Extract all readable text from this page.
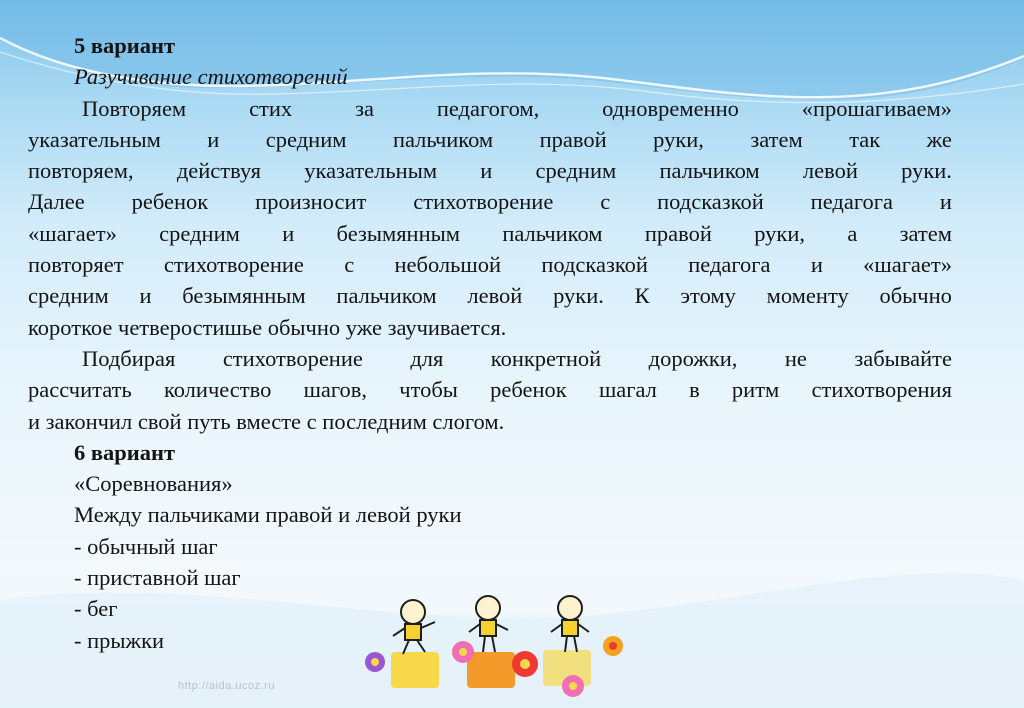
5 вариант

Разучивание стихотворений

Повторяем	стих	за	педагогом,	одновременно	«прошагиваем»
указательным и средним пальчиком правой руки, затем так же
повторяем, действуя указательным и средним пальчиком левой руки.
Далее ребенок произносит стихотворение с подсказкой педагога и
«шагает» средним и безымянным пальчиком правой руки, а затем
повторяет стихотворение с небольшой подсказкой педагога и «шагает»
средним и безымянным пальчиком левой руки. К этому моменту обычно
короткое четверостишье обычно уже заучивается.
Подбирая стихотворение для конкретной дорожки, не забывайте
рассчитать количество шагов, чтобы ребенок шагал в ритм стихотворения
и закончил свой путь вместе с последним слогом.

6 вариант

«Соревнования»

Между пальчиками правой и левой руки

- обычный шаг

- приставной шаг

- бег

- прыжки

http://aida.ucoz.ru
